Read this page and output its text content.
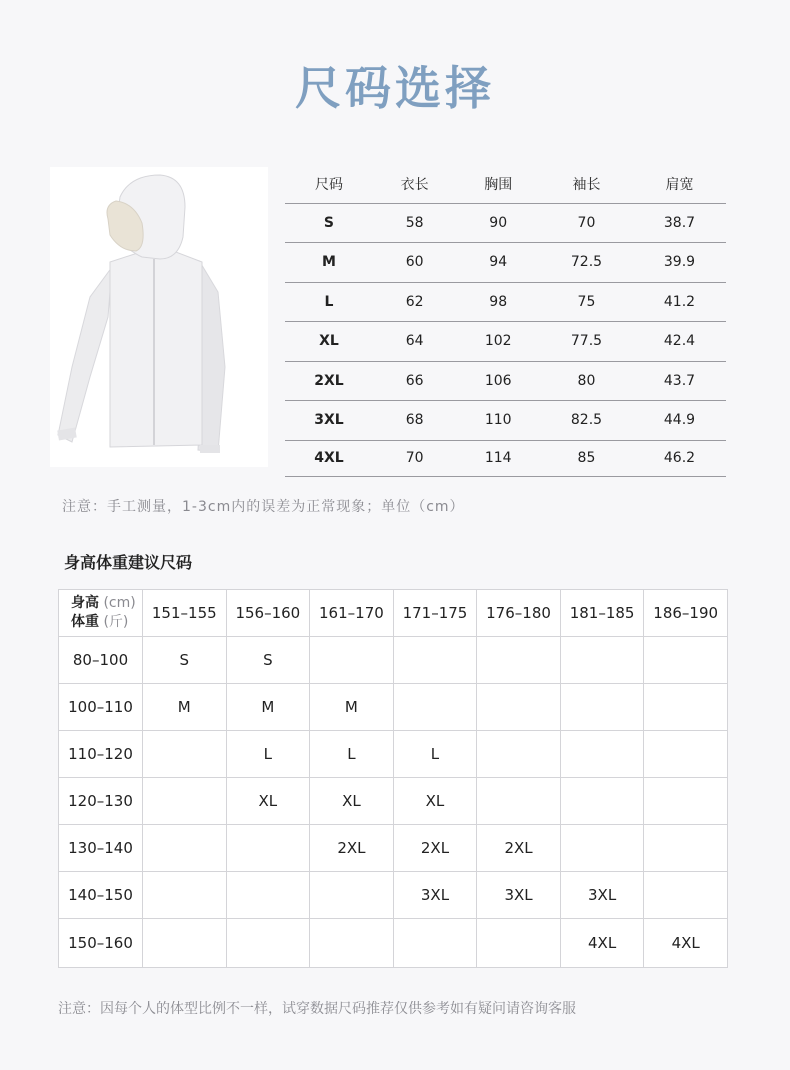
尺码选择
尺码	衣长	胸围	袖长	肩宽
S	58	90	70	38.7
M	60	94	72.5	39.9
L	62	98	75	41.2
XL	64	102	77.5	42.4
2XL	66	106	80	43.7
3XL	68	110	82.5	44.9
4XL	70	114	85	46.2
注意：手工测量，1-3cm内的误差为正常现象；单位（cm）
身高体重建议尺码
身高 (cm)
体重 (斤)	151–155	156–160	161–170	171–175	176–180	181–185	186–190
80–100	S	S					
100–110	M	M	M				
110–120		L	L	L			
120–130		XL	XL	XL			
130–140			2XL	2XL	2XL		
140–150				3XL	3XL	3XL	
150–160						4XL	4XL
注意：因每个人的体型比例不一样，试穿数据尺码推荐仅供参考如有疑问请咨询客服
